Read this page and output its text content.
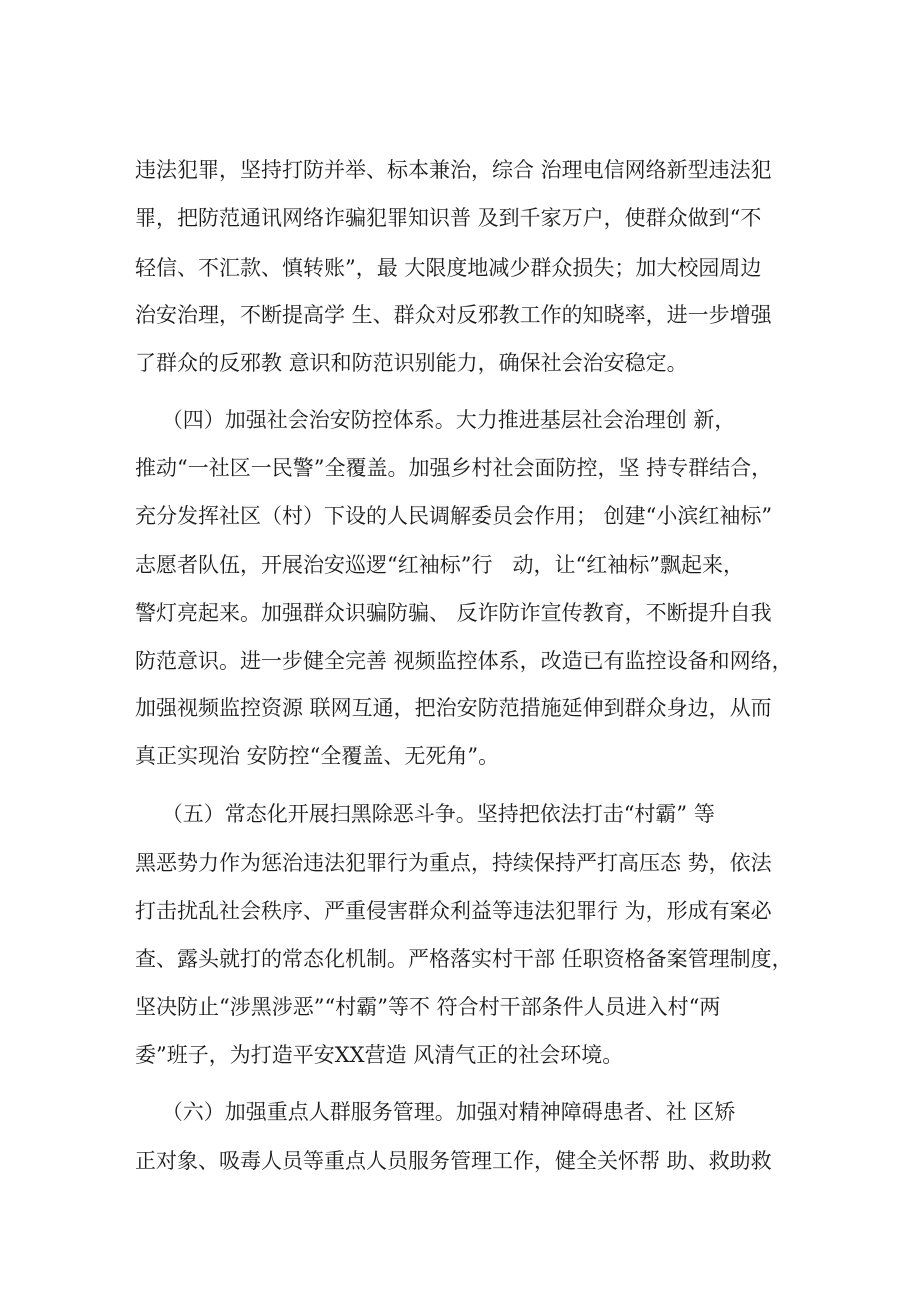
违法犯罪，坚持打防并举、标本兼治，综合 治理电信网络新型违法犯
罪，把防范通讯网络诈骗犯罪知识普 及到千家万户，使群众做到“不
轻信、不汇款、慎转账”，最 大限度地减少群众损失；加大校园周边
治安治理，不断提高学 生、群众对反邪教工作的知晓率，进一步增强
了群众的反邪教 意识和防范识别能力，确保社会治安稳定。
（四）加强社会治安防控体系。大力推进基层社会治理创 新，
推动“一社区一民警”全覆盖。加强乡村社会面防控，坚 持专群结合，
充分发挥社区（村）下设的人民调解委员会作用； 创建“小滨红袖标”
志愿者队伍，开展治安巡逻“红袖标”行   动，让“红袖标”飘起来，
警灯亮起来。加强群众识骗防骗、 反诈防诈宣传教育，不断提升自我
防范意识。进一步健全完善 视频监控体系，改造已有监控设备和网络，
加强视频监控资源 联网互通，把治安防范措施延伸到群众身边，从而
真正实现治 安防控“全覆盖、无死角”。
（五）常态化开展扫黑除恶斗争。坚持把依法打击“村霸” 等
黑恶势力作为惩治违法犯罪行为重点，持续保持严打高压态 势，依法
打击扰乱社会秩序、严重侵害群众利益等违法犯罪行 为，形成有案必
查、露头就打的常态化机制。严格落实村干部 任职资格备案管理制度，
坚决防止“涉黑涉恶”“村霸”等不 符合村干部条件人员进入村“两
委”班子，为打造平安XX营造 风清气正的社会环境。
（六）加强重点人群服务管理。加强对精神障碍患者、社 区矫
正对象、吸毒人员等重点人员服务管理工作，健全关怀帮 助、救助救
